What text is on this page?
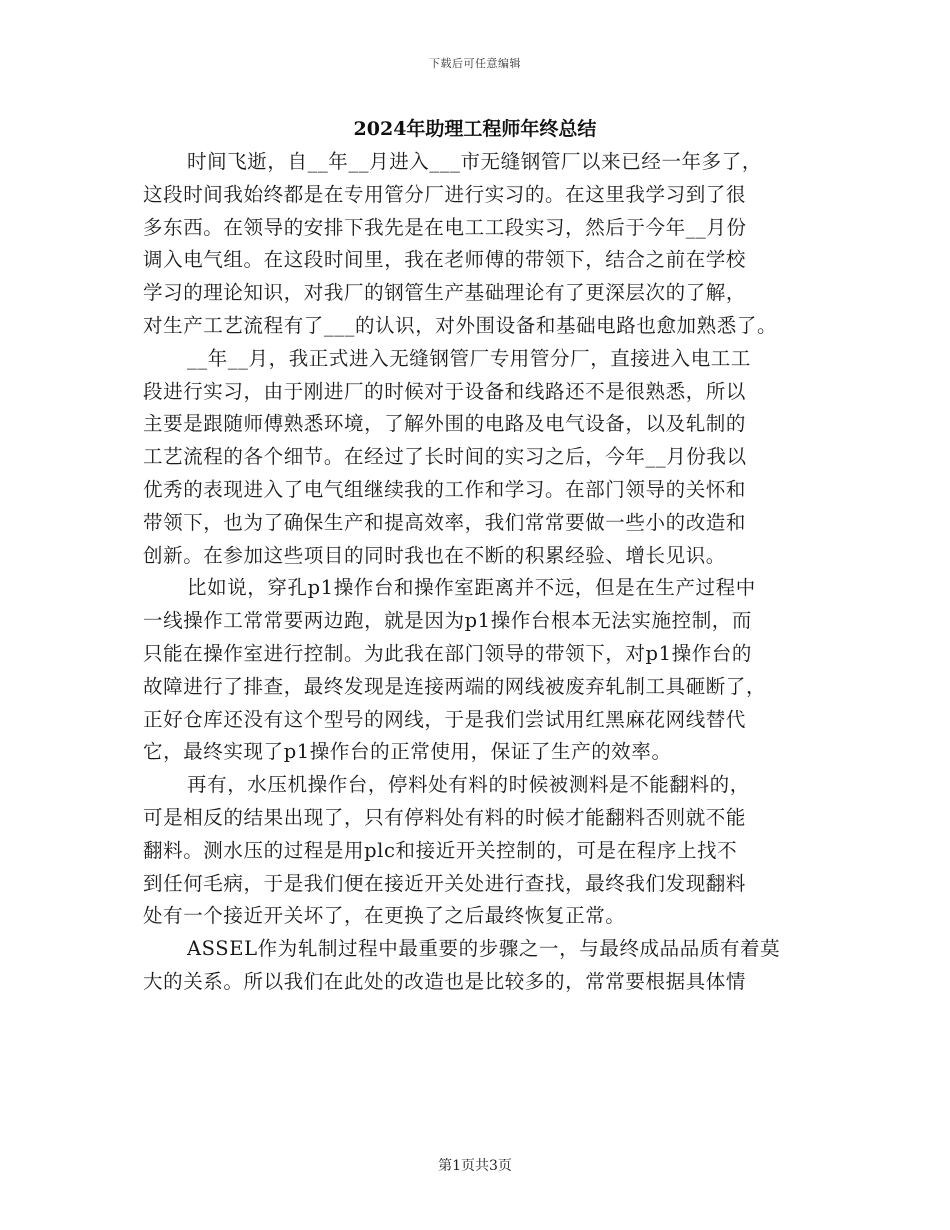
下载后可任意编辑
2024年助理工程师年终总结
时间飞逝，自__年__月进入___市无缝钢管厂以来已经一年多了，
这段时间我始终都是在专用管分厂进行实习的。在这里我学习到了很
多东西。在领导的安排下我先是在电工工段实习，然后于今年__月份
调入电气组。在这段时间里，我在老师傅的带领下，结合之前在学校
学习的理论知识，对我厂的钢管生产基础理论有了更深层次的了解，
对生产工艺流程有了___的认识，对外围设备和基础电路也愈加熟悉了。
__年__月，我正式进入无缝钢管厂专用管分厂，直接进入电工工
段进行实习，由于刚进厂的时候对于设备和线路还不是很熟悉，所以
主要是跟随师傅熟悉环境，了解外围的电路及电气设备，以及轧制的
工艺流程的各个细节。在经过了长时间的实习之后，今年__月份我以
优秀的表现进入了电气组继续我的工作和学习。在部门领导的关怀和
带领下，也为了确保生产和提高效率，我们常常要做一些小的改造和
创新。在参加这些项目的同时我也在不断的积累经验、增长见识。
比如说，穿孔p1操作台和操作室距离并不远，但是在生产过程中
一线操作工常常要两边跑，就是因为p1操作台根本无法实施控制，而
只能在操作室进行控制。为此我在部门领导的带领下，对p1操作台的
故障进行了排查，最终发现是连接两端的网线被废弃轧制工具砸断了，
正好仓库还没有这个型号的网线，于是我们尝试用红黑麻花网线替代
它，最终实现了p1操作台的正常使用，保证了生产的效率。
再有，水压机操作台，停料处有料的时候被测料是不能翻料的，
可是相反的结果出现了，只有停料处有料的时候才能翻料否则就不能
翻料。测水压的过程是用plc和接近开关控制的，可是在程序上找不
到任何毛病，于是我们便在接近开关处进行查找，最终我们发现翻料
处有一个接近开关坏了，在更换了之后最终恢复正常。
ASSEL作为轧制过程中最重要的步骤之一，与最终成品品质有着莫
大的关系。所以我们在此处的改造也是比较多的，常常要根据具体情
第1页共3页
